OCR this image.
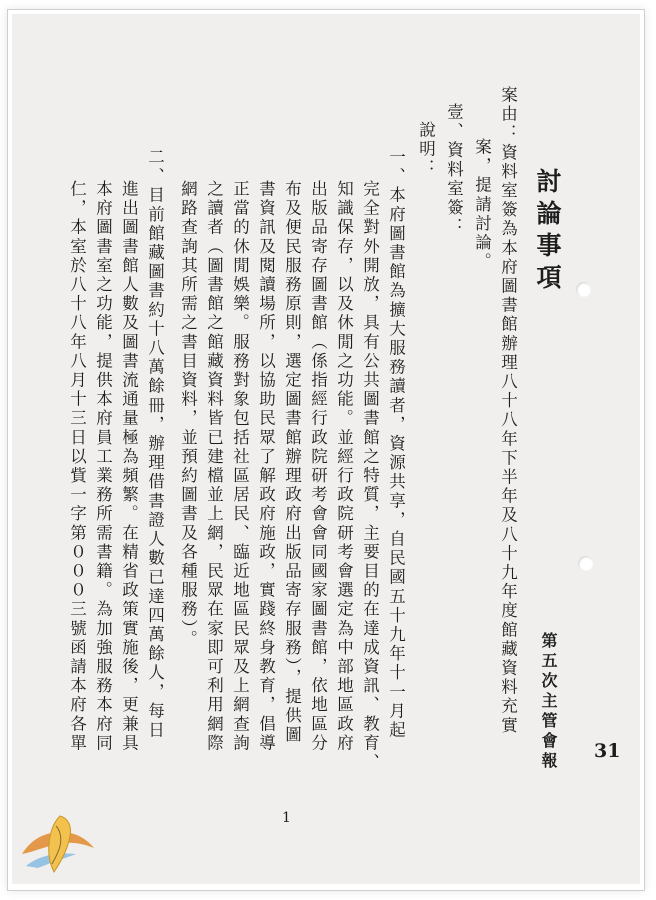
討論事項

第五次主管會報 31

案由：資料室簽為本府圖書館辦理八十八年下半年及八十九年度館藏資料充實

案，提請討論。

壹、資料室簽：

說明：

一、本府圖書館為擴大服務讀者，資源共享，自民國五十九年十一月起

完全對外開放，具有公共圖書館之特質，主要目的在達成資訊、教育、

知識保存，以及休閒之功能。並經行政院研考會選定為中部地區政府

出版品寄存圖書館（係指經行政院研考會會同國家圖書館，依地區分

布及便民服務原則，選定圖書館辦理政府出版品寄存服務），提供圖

書資訊及閱讀場所，以協助民眾了解政府施政，實踐終身教育，倡導

正當的休閒娛樂。服務對象包括社區居民、臨近地區民眾及上網查詢

之讀者（圖書館之館藏資料皆已建檔並上網，民眾在家即可利用網際

網路查詢其所需之書目資料，並預約圖書及各種服務）。

二、目前館藏圖書約十八萬餘冊，辦理借書證人數已達四萬餘人，每日

進出圖書館人數及圖書流通量極為頻繁。在精省政策實施後，更兼具

本府圖書室之功能，提供本府員工業務所需書籍。為加強服務本府同

仁，本室於八十八年八月十三日以貲一字第０００三號函請本府各單

1
